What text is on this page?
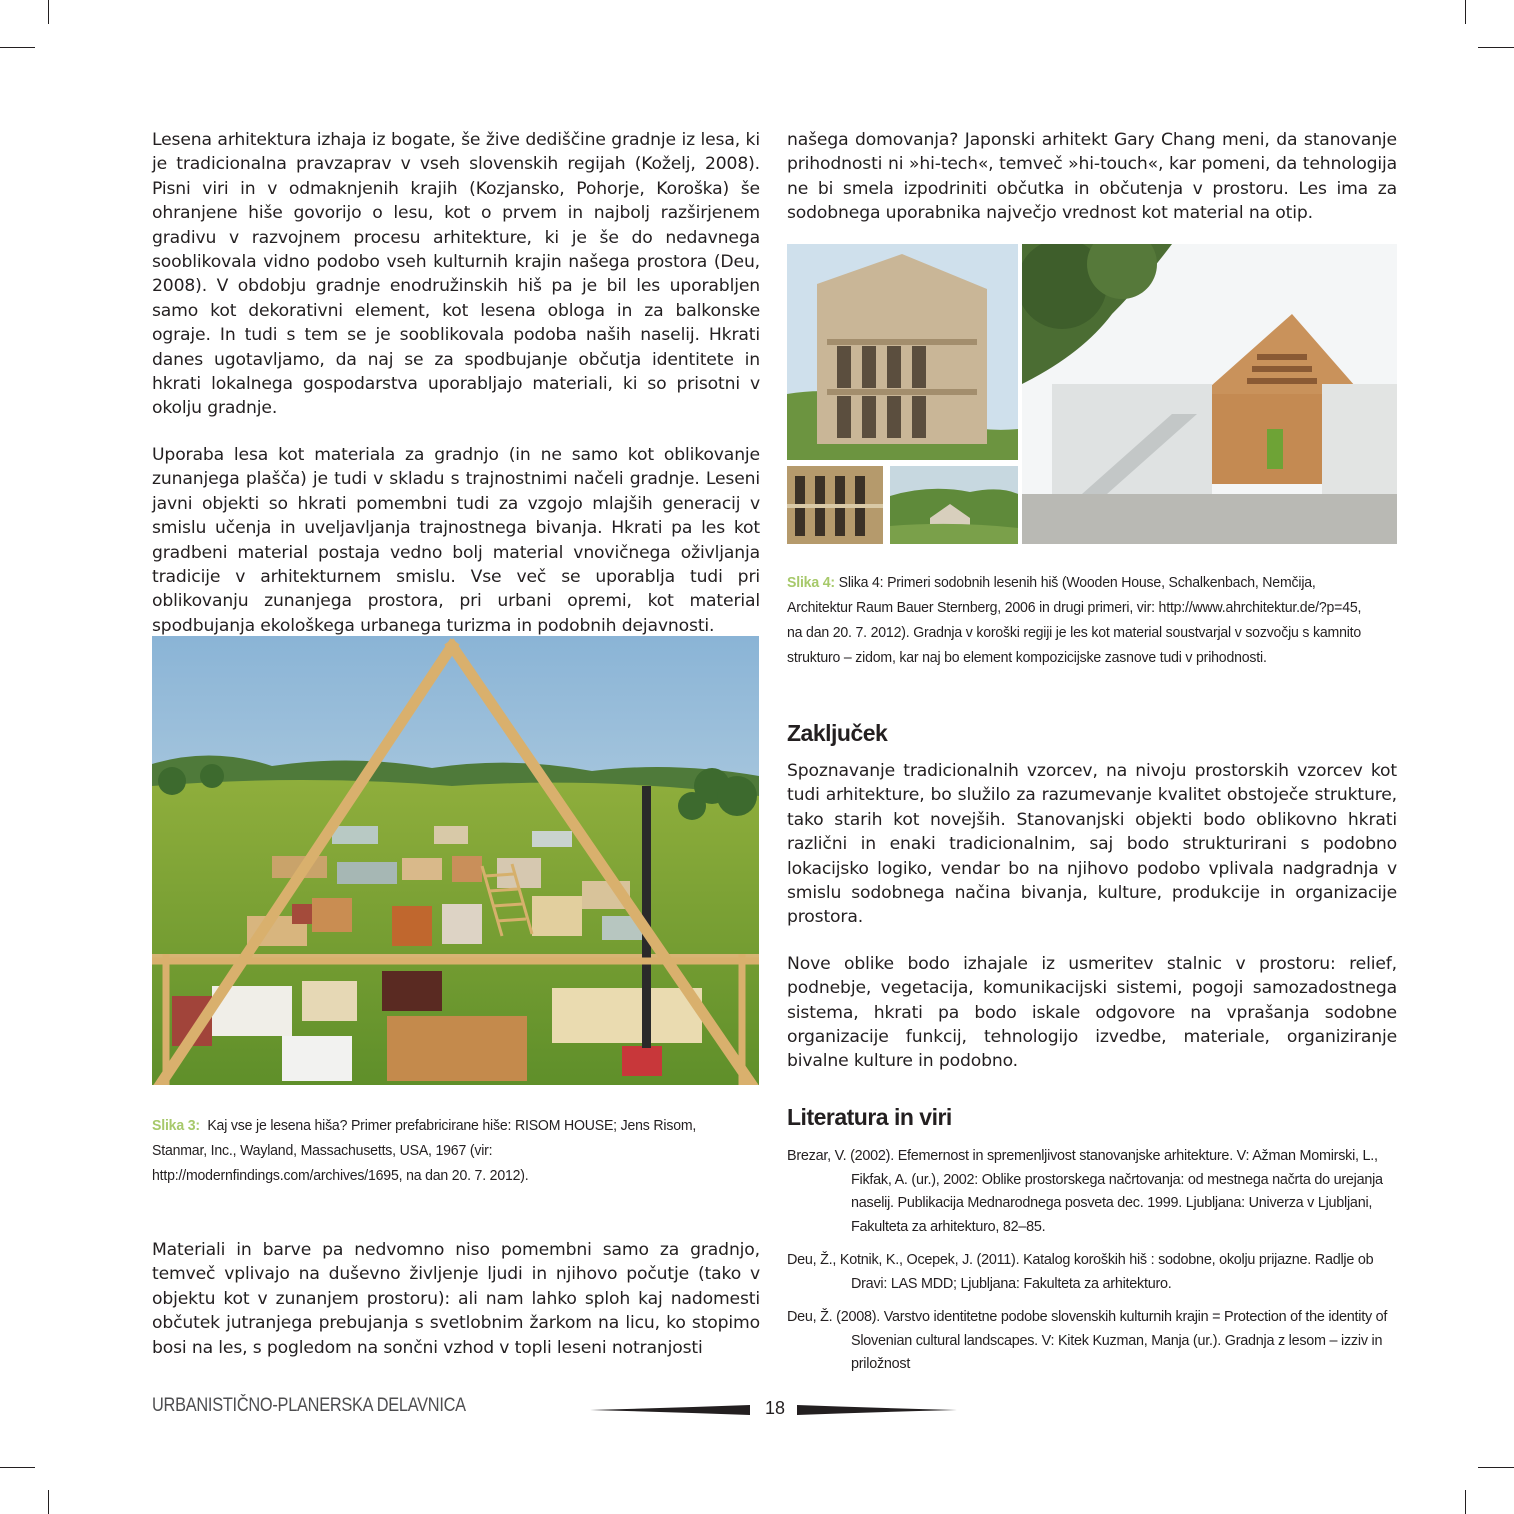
Lesena arhitektura izhaja iz bogate, še žive dediščine gradnje iz lesa, ki je tradicionalna pravzaprav v vseh slovenskih regijah (Koželj, 2008). Pisni viri in v odmaknjenih krajih (Kozjansko, Pohorje, Koroška) še ohranjene hiše govorijo o lesu, kot o prvem in najbolj razširjenem gradivu v razvojnem procesu arhitekture, ki je še do nedavnega sooblikovala vidno podobo vseh kulturnih krajin našega prostora (Deu, 2008). V obdobju gradnje enodružinskih hiš pa je bil les uporabljen samo kot dekorativni element, kot lesena obloga in za balkonske ograje. In tudi s tem se je sooblikovala podoba naših naselij. Hkrati danes ugotavljamo, da naj se za spodbujanje občutja identitete in hkrati lokalnega gospodarstva uporabljajo materiali, ki so prisotni v okolju gradnje.

Uporaba lesa kot materiala za gradnjo (in ne samo kot oblikovanje zunanjega plašča) je tudi v skladu s trajnostnimi načeli gradnje. Leseni javni objekti so hkrati pomembni tudi za vzgojo mlajših generacij v smislu učenja in uveljavljanja trajnostnega bivanja. Hkrati pa les kot gradbeni material postaja vedno bolj material vnovičnega oživljanja tradicije v arhitekturnem smislu. Vse več se uporablja tudi pri oblikovanju zunanjega prostora, pri urbani opremi, kot material spodbujanja ekološkega urbanega turizma in podobnih dejavnosti.

Slika 3: Kaj vse je lesena hiša? Primer prefabricirane hiše: RISOM HOUSE; Jens Risom, Stanmar, Inc., Wayland, Massachusetts, USA, 1967 (vir: http://modernfindings.com/archives/1695, na dan 20. 7. 2012).

Materiali in barve pa nedvomno niso pomembni samo za gradnjo, temveč vplivajo na duševno življenje ljudi in njihovo počutje (tako v objektu kot v zunanjem prostoru): ali nam lahko sploh kaj nadomesti občutek jutranjega prebujanja s svetlobnim žarkom na licu, ko stopimo bosi na les, s pogledom na sončni vzhod v topli leseni notranjosti

našega domovanja? Japonski arhitekt Gary Chang meni, da stanovanje prihodnosti ni »hi-tech«, temveč »hi-touch«, kar pomeni, da tehnologija ne bi smela izpodriniti občutka in občutenja v prostoru. Les ima za sodobnega uporabnika največjo vrednost kot material na otip.

Slika 4: Slika 4: Primeri sodobnih lesenih hiš (Wooden House, Schalkenbach, Nemčija, Architektur Raum Bauer Sternberg, 2006 in drugi primeri, vir: http://www.ahrchitektur.de/?p=45, na dan 20. 7. 2012). Gradnja v koroški regiji je les kot material soustvarjal v sozvočju s kamnito strukturo – zidom, kar naj bo element kompozicijske zasnove tudi v prihodnosti.

Zaključek

Spoznavanje tradicionalnih vzorcev, na nivoju prostorskih vzorcev kot tudi arhitekture, bo služilo za razumevanje kvalitet obstoječe strukture, tako starih kot novejših. Stanovanjski objekti bodo oblikovno hkrati različni in enaki tradicionalnim, saj bodo strukturirani s podobno lokacijsko logiko, vendar bo na njihovo podobo vplivala nadgradnja v smislu sodobnega načina bivanja, kulture, produkcije in organizacije prostora.

Nove oblike bodo izhajale iz usmeritev stalnic v prostoru: relief, podnebje, vegetacija, komunikacijski sistemi, pogoji samozadostnega sistema, hkrati pa bodo iskale odgovore na vprašanja sodobne organizacije funkcij, tehnologijo izvedbe, materiale, organiziranje bivalne kulture in podobno.

Literatura in viri

Brezar, V. (2002). Efemernost in spremenljivost stanovanjske arhitekture. V: Ažman Momirski, L., Fikfak, A. (ur.), 2002: Oblike prostorskega načrtovanja: od mestnega načrta do urejanja naselij. Publikacija Mednarodnega posveta dec. 1999. Ljubljana: Univerza v Ljubljani, Fakulteta za arhitekturo, 82–85.

Deu, Ž., Kotnik, K., Ocepek, J. (2011). Katalog koroških hiš : sodobne, okolju prijazne. Radlje ob Dravi: LAS MDD; Ljubljana: Fakulteta za arhitekturo.

Deu, Ž. (2008). Varstvo identitetne podobe slovenskih kulturnih krajin = Protection of the identity of Slovenian cultural landscapes. V: Kitek Kuzman, Manja (ur.). Gradnja z lesom – izziv in priložnost

URBANISTIČNO-PLANERSKA DELAVNICA	18
